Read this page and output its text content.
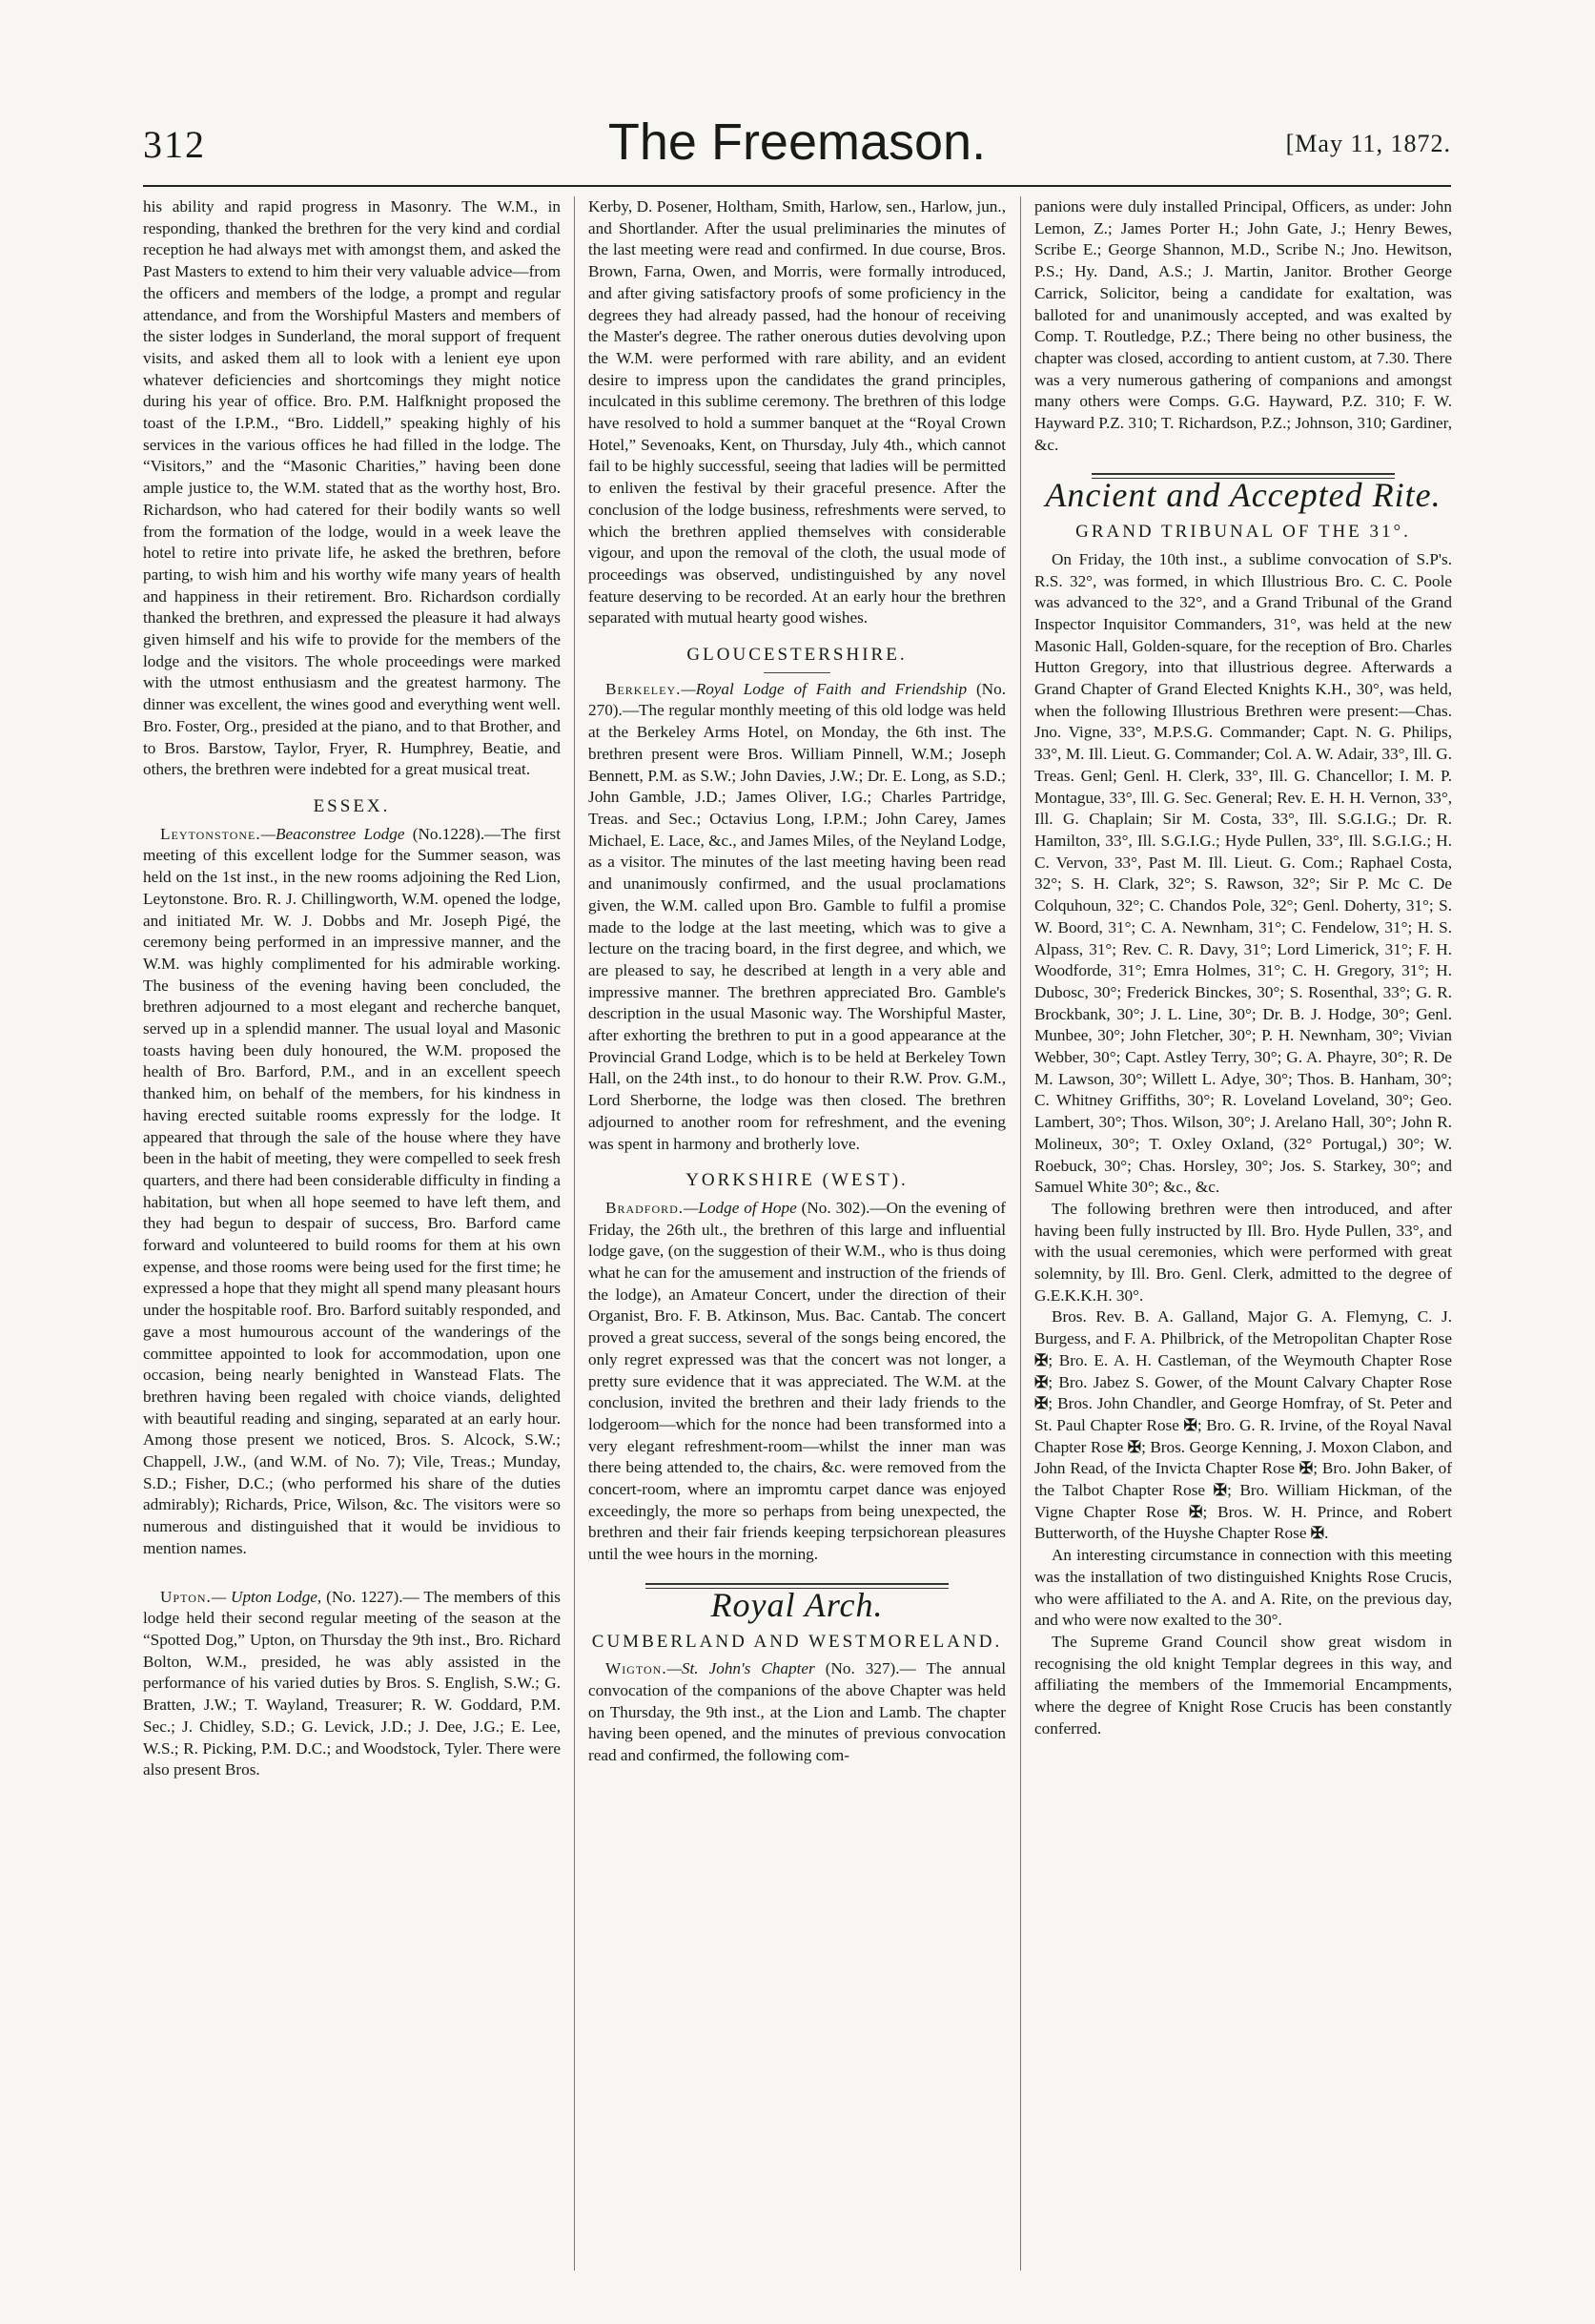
312	The Freemason.	[May 11, 1872.

his ability and rapid progress in Masonry. The W.M., in responding, thanked the brethren for the very kind and cordial reception he had always met with amongst them, and asked the Past Masters to extend to him their very valuable advice—from the officers and members of the lodge, a prompt and regular attendance, and from the Worshipful Masters and members of the sister lodges in Sunderland, the moral support of frequent visits, and asked them all to look with a lenient eye upon whatever deficiencies and shortcomings they might notice during his year of office. Bro. P.M. Halfknight proposed the toast of the I.P.M., “Bro. Liddell,” speaking highly of his services in the various offices he had filled in the lodge. The “Visitors,” and the “Masonic Charities,” having been done ample justice to, the W.M. stated that as the worthy host, Bro. Richardson, who had catered for their bodily wants so well from the formation of the lodge, would in a week leave the hotel to retire into private life, he asked the brethren, before parting, to wish him and his worthy wife many years of health and happiness in their retirement. Bro. Richardson cordially thanked the brethren, and expressed the pleasure it had always given himself and his wife to provide for the members of the lodge and the visitors. The whole proceedings were marked with the utmost enthusiasm and the greatest harmony. The dinner was excellent, the wines good and everything went well. Bro. Foster, Org., presided at the piano, and to that Brother, and to Bros. Barstow, Taylor, Fryer, R. Humphrey, Beatie, and others, the brethren were indebted for a great musical treat.

ESSEX.

Leytonstone.—Beaconstree Lodge (No.1228).—The first meeting of this excellent lodge for the Summer season, was held on the 1st inst., in the new rooms adjoining the Red Lion, Leytonstone. Bro. R. J. Chillingworth, W.M. opened the lodge, and initiated Mr. W. J. Dobbs and Mr. Joseph Pigé, the ceremony being performed in an impressive manner, and the W.M. was highly complimented for his admirable working. The business of the evening having been concluded, the brethren adjourned to a most elegant and recherche banquet, served up in a splendid manner. The usual loyal and Masonic toasts having been duly honoured, the W.M. proposed the health of Bro. Barford, P.M., and in an excellent speech thanked him, on behalf of the members, for his kindness in having erected suitable rooms expressly for the lodge. It appeared that through the sale of the house where they have been in the habit of meeting, they were compelled to seek fresh quarters, and there had been considerable difficulty in finding a habitation, but when all hope seemed to have left them, and they had begun to despair of success, Bro. Barford came forward and volunteered to build rooms for them at his own expense, and those rooms were being used for the first time; he expressed a hope that they might all spend many pleasant hours under the hospitable roof. Bro. Barford suitably responded, and gave a most humourous account of the wanderings of the committee appointed to look for accommodation, upon one occasion, being nearly benighted in Wanstead Flats. The brethren having been regaled with choice viands, delighted with beautiful reading and singing, separated at an early hour. Among those present we noticed, Bros. S. Alcock, S.W.; Chappell, J.W., (and W.M. of No. 7); Vile, Treas.; Munday, S.D.; Fisher, D.C.; (who performed his share of the duties admirably); Richards, Price, Wilson, &c. The visitors were so numerous and distinguished that it would be invidious to mention names.

Upton.— Upton Lodge, (No. 1227).— The members of this lodge held their second regular meeting of the season at the “Spotted Dog,” Upton, on Thursday the 9th inst., Bro. Richard Bolton, W.M., presided, he was ably assisted in the performance of his varied duties by Bros. S. English, S.W.; G. Bratten, J.W.; T. Wayland, Treasurer; R. W. Goddard, P.M. Sec.; J. Chidley, S.D.; G. Levick, J.D.; J. Dee, J.G.; E. Lee, W.S.; R. Picking, P.M. D.C.; and Woodstock, Tyler. There were also present Bros.

Kerby, D. Posener, Holtham, Smith, Harlow, sen., Harlow, jun., and Shortlander. After the usual preliminaries the minutes of the last meeting were read and confirmed. In due course, Bros. Brown, Farna, Owen, and Morris, were formally introduced, and after giving satisfactory proofs of some proficiency in the degrees they had already passed, had the honour of receiving the Master's degree. The rather onerous duties devolving upon the W.M. were performed with rare ability, and an evident desire to impress upon the candidates the grand principles, inculcated in this sublime ceremony. The brethren of this lodge have resolved to hold a summer banquet at the “Royal Crown Hotel,” Sevenoaks, Kent, on Thursday, July 4th., which cannot fail to be highly successful, seeing that ladies will be permitted to enliven the festival by their graceful presence. After the conclusion of the lodge business, refreshments were served, to which the brethren applied themselves with considerable vigour, and upon the removal of the cloth, the usual mode of proceedings was observed, undistinguished by any novel feature deserving to be recorded. At an early hour the brethren separated with mutual hearty good wishes.

GLOUCESTERSHIRE.

Berkeley.—Royal Lodge of Faith and Friendship (No. 270).—The regular monthly meeting of this old lodge was held at the Berkeley Arms Hotel, on Monday, the 6th inst. The brethren present were Bros. William Pinnell, W.M.; Joseph Bennett, P.M. as S.W.; John Davies, J.W.; Dr. E. Long, as S.D.; John Gamble, J.D.; James Oliver, I.G.; Charles Partridge, Treas. and Sec.; Octavius Long, I.P.M.; John Carey, James Michael, E. Lace, &c., and James Miles, of the Neyland Lodge, as a visitor. The minutes of the last meeting having been read and unanimously confirmed, and the usual proclamations given, the W.M. called upon Bro. Gamble to fulfil a promise made to the lodge at the last meeting, which was to give a lecture on the tracing board, in the first degree, and which, we are pleased to say, he described at length in a very able and impressive manner. The brethren appreciated Bro. Gamble's description in the usual Masonic way. The Worshipful Master, after exhorting the brethren to put in a good appearance at the Provincial Grand Lodge, which is to be held at Berkeley Town Hall, on the 24th inst., to do honour to their R.W. Prov. G.M., Lord Sherborne, the lodge was then closed. The brethren adjourned to another room for refreshment, and the evening was spent in harmony and brotherly love.

YORKSHIRE (WEST).

Bradford.—Lodge of Hope (No. 302).—On the evening of Friday, the 26th ult., the brethren of this large and influential lodge gave, (on the suggestion of their W.M., who is thus doing what he can for the amusement and instruction of the friends of the lodge), an Amateur Concert, under the direction of their Organist, Bro. F. B. Atkinson, Mus. Bac. Cantab. The concert proved a great success, several of the songs being encored, the only regret expressed was that the concert was not longer, a pretty sure evidence that it was appreciated. The W.M. at the conclusion, invited the brethren and their lady friends to the lodgeroom—which for the nonce had been transformed into a very elegant refreshment-room—whilst the inner man was there being attended to, the chairs, &c. were removed from the concert-room, where an impromtu carpet dance was enjoyed exceedingly, the more so perhaps from being unexpected, the brethren and their fair friends keeping terpsichorean pleasures until the wee hours in the morning.

Royal Arch.
CUMBERLAND AND WESTMORELAND.

Wigton.—St. John's Chapter (No. 327).— The annual convocation of the companions of the above Chapter was held on Thursday, the 9th inst., at the Lion and Lamb. The chapter having been opened, and the minutes of previous convocation read and confirmed, the following com-

panions were duly installed Principal, Officers, as under: John Lemon, Z.; James Porter H.; John Gate, J.; Henry Bewes, Scribe E.; George Shannon, M.D., Scribe N.; Jno. Hewitson, P.S.; Hy. Dand, A.S.; J. Martin, Janitor. Brother George Carrick, Solicitor, being a candidate for exaltation, was balloted for and unanimously accepted, and was exalted by Comp. T. Routledge, P.Z.; There being no other business, the chapter was closed, according to antient custom, at 7.30. There was a very numerous gathering of companions and amongst many others were Comps. G.G. Hayward, P.Z. 310; F. W. Hayward P.Z. 310; T. Richardson, P.Z.; Johnson, 310; Gardiner, &c.

Ancient and Accepted Rite.
GRAND TRIBUNAL OF THE 31°.

On Friday, the 10th inst., a sublime convocation of S.P's. R.S. 32°, was formed, in which Illustrious Bro. C. C. Poole was advanced to the 32°, and a Grand Tribunal of the Grand Inspector Inquisitor Commanders, 31°, was held at the new Masonic Hall, Golden-square, for the reception of Bro. Charles Hutton Gregory, into that illustrious degree. Afterwards a Grand Chapter of Grand Elected Knights K.H., 30°, was held, when the following Illustrious Brethren were present:—Chas. Jno. Vigne, 33°, M.P.S.G. Commander; Capt. N. G. Philips, 33°, M. Ill. Lieut. G. Commander; Col. A. W. Adair, 33°, Ill. G. Treas. Genl; Genl. H. Clerk, 33°, Ill. G. Chancellor; I. M. P. Montague, 33°, Ill. G. Sec. General; Rev. E. H. H. Vernon, 33°, Ill. G. Chaplain; Sir M. Costa, 33°, Ill. S.G.I.G.; Dr. R. Hamilton, 33°, Ill. S.G.I.G.; Hyde Pullen, 33°, Ill. S.G.I.G.; H. C. Vervon, 33°, Past M. Ill. Lieut. G. Com.; Raphael Costa, 32°; S. H. Clark, 32°; S. Rawson, 32°; Sir P. Mc C. De Colquhoun, 32°; C. Chandos Pole, 32°; Genl. Doherty, 31°; S. W. Boord, 31°; C. A. Newnham, 31°; C. Fendelow, 31°; H. S. Alpass, 31°; Rev. C. R. Davy, 31°; Lord Limerick, 31°; F. H. Woodforde, 31°; Emra Holmes, 31°; C. H. Gregory, 31°; H. Dubosc, 30°; Frederick Binckes, 30°; S. Rosenthal, 33°; G. R. Brockbank, 30°; J. L. Line, 30°; Dr. B. J. Hodge, 30°; Genl. Munbee, 30°; John Fletcher, 30°; P. H. Newnham, 30°; Vivian Webber, 30°; Capt. Astley Terry, 30°; G. A. Phayre, 30°; R. De M. Lawson, 30°; Willett L. Adye, 30°; Thos. B. Hanham, 30°; C. Whitney Griffiths, 30°; R. Loveland Loveland, 30°; Geo. Lambert, 30°; Thos. Wilson, 30°; J. Arelano Hall, 30°; John R. Molineux, 30°; T. Oxley Oxland, (32° Portugal,) 30°; W. Roebuck, 30°; Chas. Horsley, 30°; Jos. S. Starkey, 30°; and Samuel White 30°; &c., &c.

The following brethren were then introduced, and after having been fully instructed by Ill. Bro. Hyde Pullen, 33°, and with the usual ceremonies, which were performed with great solemnity, by Ill. Bro. Genl. Clerk, admitted to the degree of G.E.K.K.H. 30°.

Bros. Rev. B. A. Galland, Major G. A. Flemyng, C. J. Burgess, and F. A. Philbrick, of the Metropolitan Chapter Rose ✠; Bro. E. A. H. Castleman, of the Weymouth Chapter Rose ✠; Bro. Jabez S. Gower, of the Mount Calvary Chapter Rose ✠; Bros. John Chandler, and George Homfray, of St. Peter and St. Paul Chapter Rose ✠; Bro. G. R. Irvine, of the Royal Naval Chapter Rose ✠; Bros. George Kenning, J. Moxon Clabon, and John Read, of the Invicta Chapter Rose ✠; Bro. John Baker, of the Talbot Chapter Rose ✠; Bro. William Hickman, of the Vigne Chapter Rose ✠; Bros. W. H. Prince, and Robert Butterworth, of the Huyshe Chapter Rose ✠.

An interesting circumstance in connection with this meeting was the installation of two distinguished Knights Rose Crucis, who were affiliated to the A. and A. Rite, on the previous day, and who were now exalted to the 30°.

The Supreme Grand Council show great wisdom in recognising the old knight Templar degrees in this way, and affiliating the members of the Immemorial Encampments, where the degree of Knight Rose Crucis has been constantly conferred.
